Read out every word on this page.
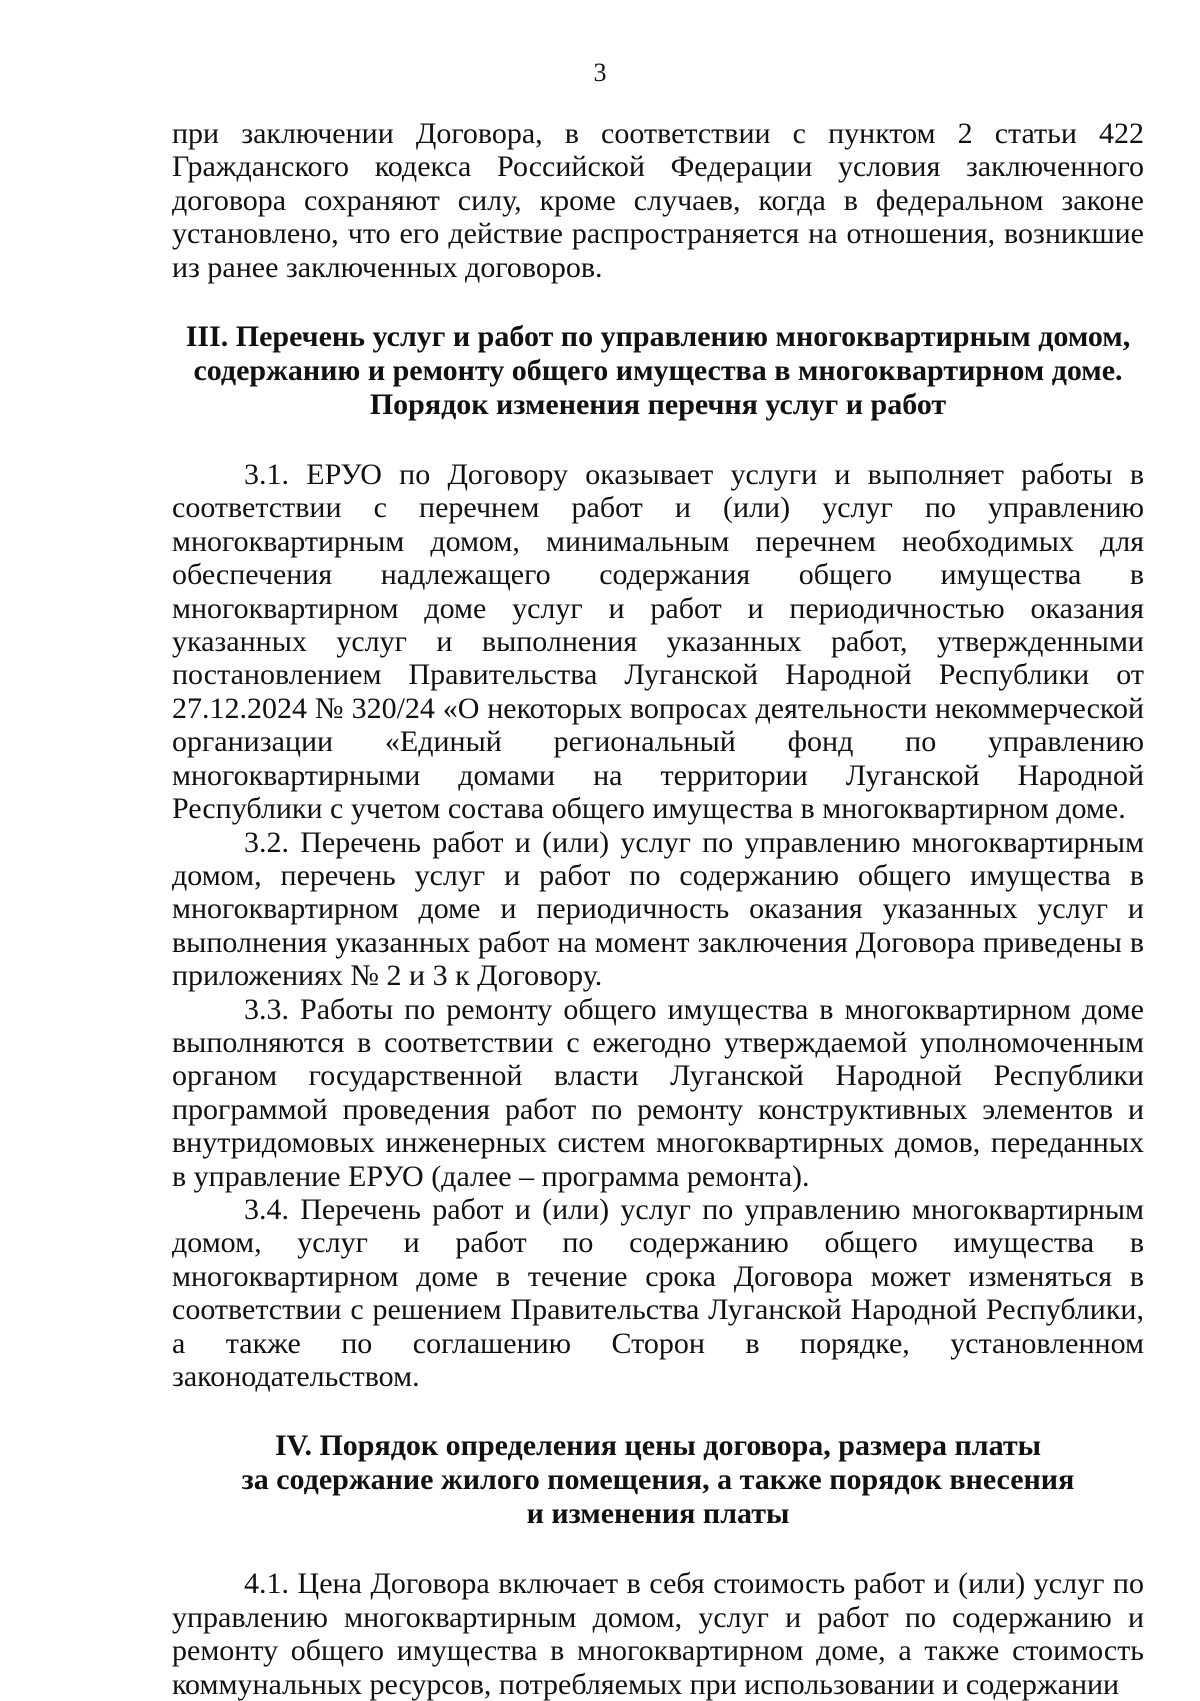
3

при заключении Договора, в соответствии с пунктом 2 статьи 422 Гражданского кодекса Российской Федерации условия заключенного договора сохраняют силу, кроме случаев, когда в федеральном законе установлено, что его действие распространяется на отношения, возникшие из ранее заключенных договоров.

III. Перечень услуг и работ по управлению многоквартирным домом,
содержанию и ремонту общего имущества в многоквартирном доме.
Порядок изменения перечня услуг и работ

3.1. ЕРУО по Договору оказывает услуги и выполняет работы в соответствии с перечнем работ и (или) услуг по управлению многоквартирным домом, минимальным перечнем необходимых для обеспечения надлежащего содержания общего имущества в многоквартирном доме услуг и работ и периодичностью оказания указанных услуг и выполнения указанных работ, утвержденными постановлением Правительства Луганской Народной Республики от 27.12.2024 № 320/24 «О некоторых вопросах деятельности некоммерческой организации «Единый региональный фонд по управлению многоквартирными домами на территории Луганской Народной Республики с учетом состава общего имущества в многоквартирном доме.

3.2. Перечень работ и (или) услуг по управлению многоквартирным домом, перечень услуг и работ по содержанию общего имущества в многоквартирном доме и периодичность оказания указанных услуг и выполнения указанных работ на момент заключения Договора приведены в приложениях № 2 и 3 к Договору.

3.3. Работы по ремонту общего имущества в многоквартирном доме выполняются в соответствии с ежегодно утверждаемой уполномоченным органом государственной власти Луганской Народной Республики программой проведения работ по ремонту конструктивных элементов и внутридомовых инженерных систем многоквартирных домов, переданных в управление ЕРУО (далее – программа ремонта).

3.4. Перечень работ и (или) услуг по управлению многоквартирным домом, услуг и работ по содержанию общего имущества в многоквартирном доме в течение срока Договора может изменяться в соответствии с решением Правительства Луганской Народной Республики, а также по соглашению Сторон в порядке, установленном законодательством.

IV. Порядок определения цены договора, размера платы
за содержание жилого помещения, а также порядок внесения
и изменения платы

4.1. Цена Договора включает в себя стоимость работ и (или) услуг по управлению многоквартирным домом, услуг и работ по содержанию и ремонту общего имущества в многоквартирном доме, а также стоимость коммунальных ресурсов, потребляемых при использовании и содержании
